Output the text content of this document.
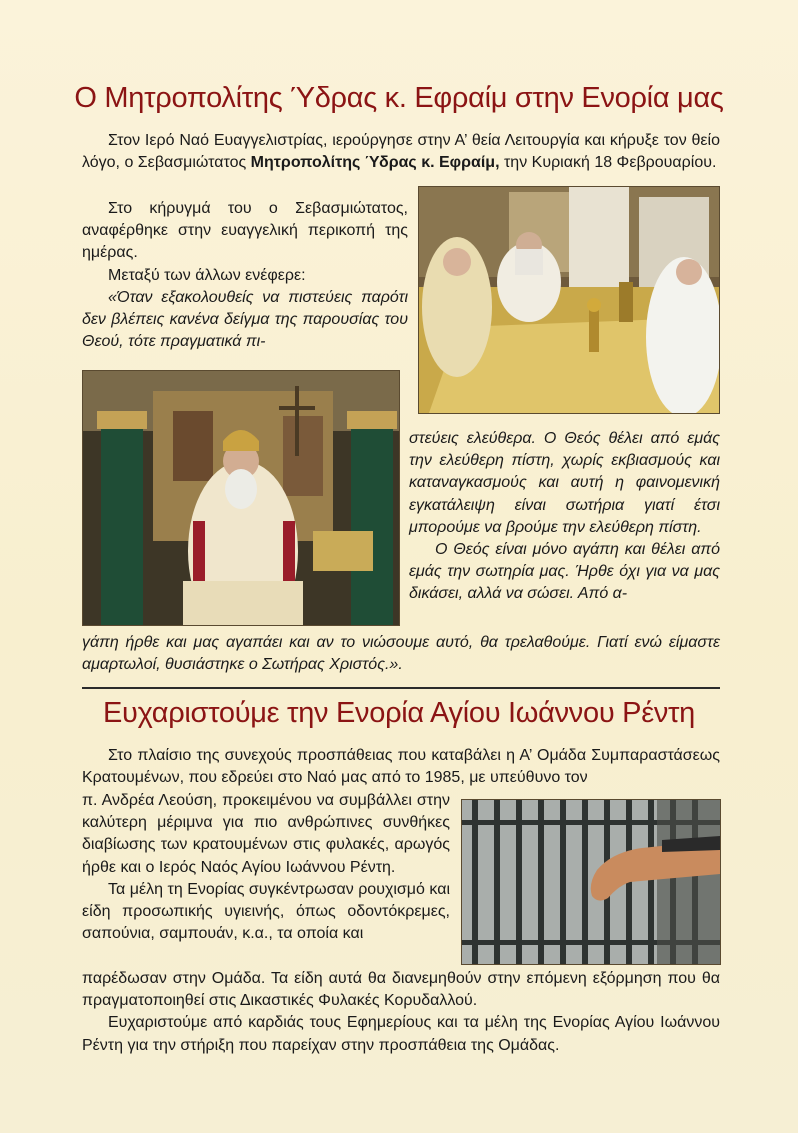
Ο Μητροπολίτης Ύδρας κ. Εφραίμ στην Ενορία μας

Στον Ιερό Ναό Ευαγγελιστρίας, ιερούργησε στην Α’ θεία Λειτουργία και κήρυξε τον θείο λόγο, ο Σεβασμιώτατος Μητροπολίτης Ύδρας κ. Εφραίμ, την Κυριακή 18 Φεβρουαρίου.

Στο κήρυγμά του ο Σεβασμιώτατος, αναφέρθηκε στην ευαγγελική περικοπή της ημέρας.

Μεταξύ των άλλων ενέφερε:

«Όταν εξακολουθείς να πιστεύεις παρότι δεν βλέπεις κανένα δείγμα της παρουσίας του Θεού, τότε πραγματικά πι-

στεύεις ελεύθερα. Ο Θεός θέλει από εμάς την ελεύθερη πίστη, χωρίς εκβιασμούς και καταναγκασμούς και αυτή η φαινομενική εγκατάλειψη είναι σωτήρια γιατί έτσι μπορούμε να βρούμε την ελεύθερη πίστη.

Ο Θεός είναι μόνο αγάπη και θέλει από εμάς την σωτηρία μας. Ήρθε όχι για να μας δικάσει, αλλά να σώσει. Από α-

γάπη ήρθε και μας αγαπάει και αν το νιώσουμε αυτό, θα τρελαθούμε. Γιατί ενώ είμαστε αμαρτωλοί, θυσιάστηκε ο Σωτήρας Χριστός.».

Ευχαριστούμε την Ενορία Αγίου Ιωάννου Ρέντη

Στο πλαίσιο της συνεχούς προσπάθειας που καταβάλει η Α’ Ομάδα Συμπαραστάσεως Κρατουμένων, που εδρεύει στο Ναό μας από το 1985, με υπεύθυνο τον

π. Ανδρέα Λεούση, προκειμένου να συμβάλλει στην καλύτερη μέριμνα για πιο ανθρώπινες συνθήκες διαβίωσης των κρατουμένων στις φυλακές, αρωγός ήρθε και ο Ιερός Ναός Αγίου Ιωάννου Ρέντη.

Τα μέλη τη Ενορίας συγκέντρωσαν ρουχισμό και είδη προσωπικής υγιεινής, όπως οδοντόκρεμες, σαπούνια, σαμπουάν, κ.α., τα οποία και

παρέδωσαν στην Ομάδα. Τα είδη αυτά θα διανεμηθούν στην επόμενη εξόρμηση που θα πραγματοποιηθεί στις Δικαστικές Φυλακές Κορυδαλλού.

Ευχαριστούμε από καρδιάς τους Εφημερίους και τα μέλη της Ενορίας Αγίου Ιωάννου Ρέντη για την στήριξη που παρείχαν στην προσπάθεια της Ομάδας.
